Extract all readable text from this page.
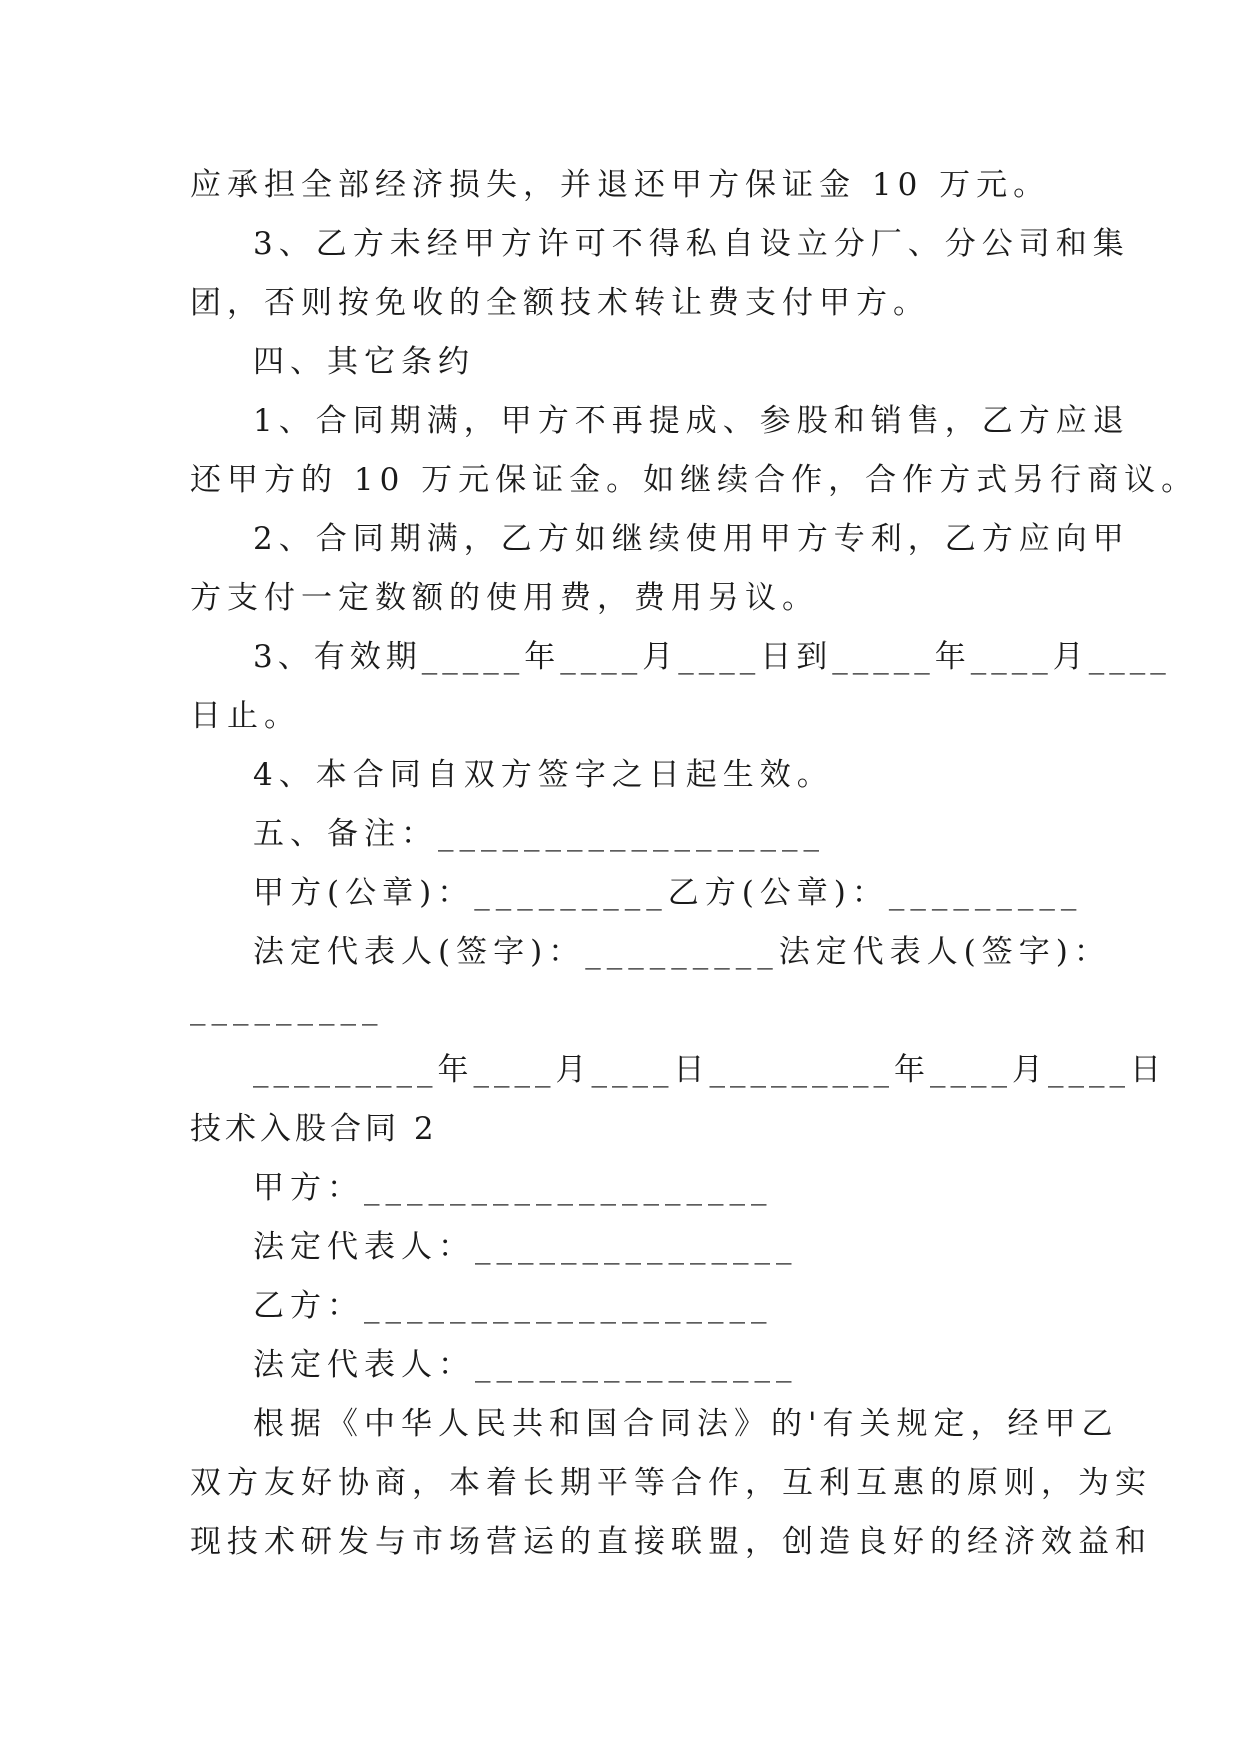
应承担全部经济损失，并退还甲方保证金 10 万元。
3、乙方未经甲方许可不得私自设立分厂、分公司和集
团，否则按免收的全额技术转让费支付甲方。
四、其它条约
1、合同期满，甲方不再提成、参股和销售，乙方应退
还甲方的 10 万元保证金。如继续合作，合作方式另行商议。
2、合同期满，乙方如继续使用甲方专利，乙方应向甲
方支付一定数额的使用费，费用另议。
3、有效期_____年____月____日到_____年____月____
日止。
4、本合同自双方签字之日起生效。
五、备注：__________________
甲方(公章)：_________乙方(公章)：_________
法定代表人(签字)：_________法定代表人(签字)：
_________
_________年____月____日_________年____月____日
技术入股合同 2
甲方：___________________
法定代表人：_______________
乙方：___________________
法定代表人：_______________
根据《中华人民共和国合同法》的'有关规定，经甲乙
双方友好协商，本着长期平等合作，互利互惠的原则，为实
现技术研发与市场营运的直接联盟，创造良好的经济效益和
